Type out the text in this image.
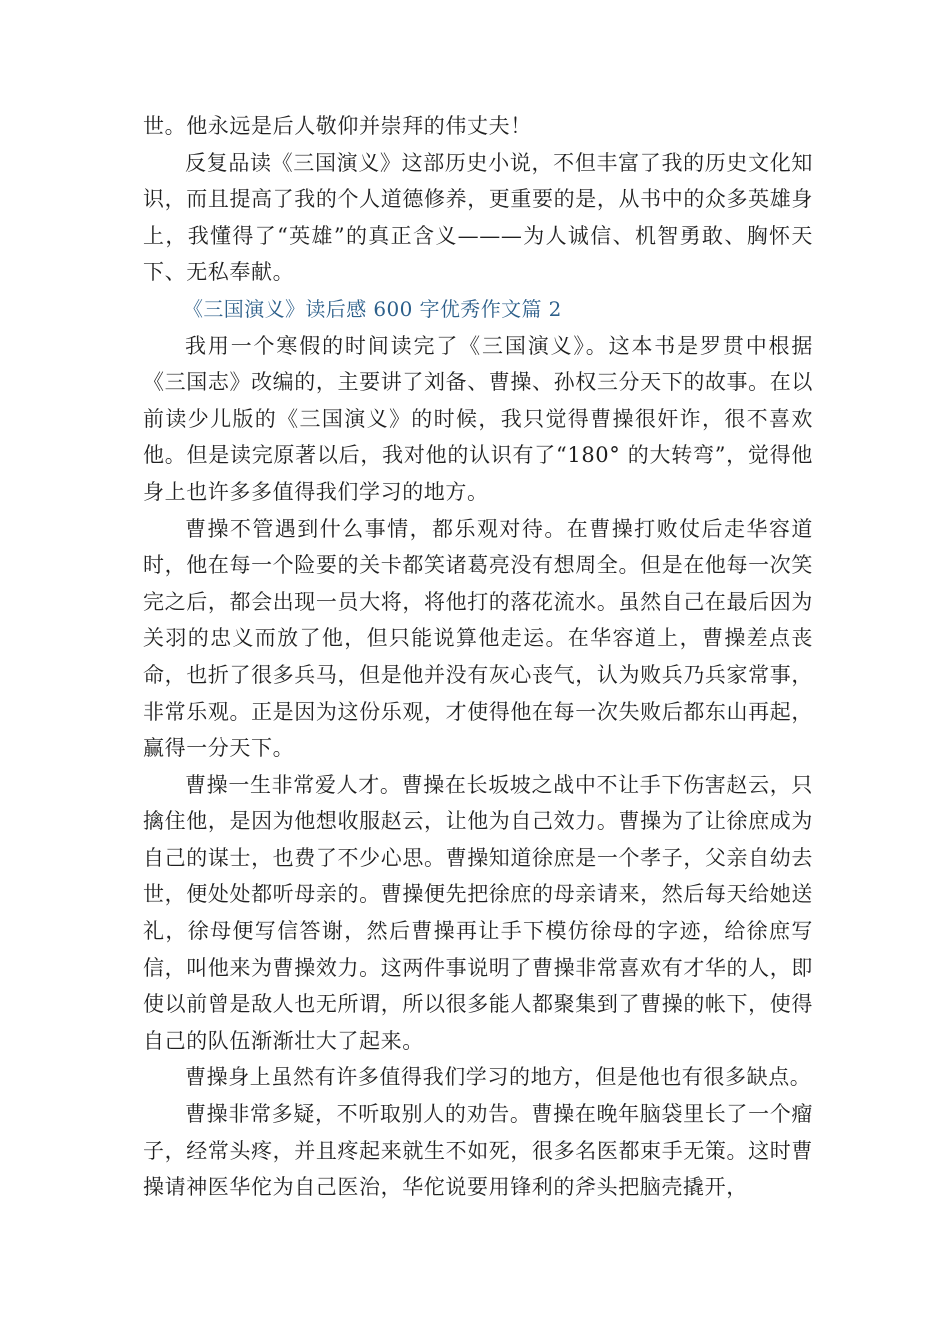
世。他永远是后人敬仰并崇拜的伟丈夫！

反复品读《三国演义》这部历史小说，不但丰富了我的历史文化知识，而且提高了我的个人道德修养，更重要的是，从书中的众多英雄身上，我懂得了“英雄”的真正含义———为人诚信、机智勇敢、胸怀天下、无私奉献。

《三国演义》读后感 600 字优秀作文篇 2

我用一个寒假的时间读完了《三国演义》。这本书是罗贯中根据《三国志》改编的，主要讲了刘备、曹操、孙权三分天下的故事。在以前读少儿版的《三国演义》的时候，我只觉得曹操很奸诈，很不喜欢他。但是读完原著以后，我对他的认识有了“180° 的大转弯”，觉得他身上也许多多值得我们学习的地方。

曹操不管遇到什么事情，都乐观对待。在曹操打败仗后走华容道时，他在每一个险要的关卡都笑诸葛亮没有想周全。但是在他每一次笑完之后，都会出现一员大将，将他打的落花流水。虽然自己在最后因为关羽的忠义而放了他，但只能说算他走运。在华容道上，曹操差点丧命，也折了很多兵马，但是他并没有灰心丧气，认为败兵乃兵家常事，非常乐观。正是因为这份乐观，才使得他在每一次失败后都东山再起，赢得一分天下。

曹操一生非常爱人才。曹操在长坂坡之战中不让手下伤害赵云，只擒住他，是因为他想收服赵云，让他为自己效力。曹操为了让徐庶成为自己的谋士，也费了不少心思。曹操知道徐庶是一个孝子，父亲自幼去世，便处处都听母亲的。曹操便先把徐庶的母亲请来，然后每天给她送礼，徐母便写信答谢，然后曹操再让手下模仿徐母的字迹，给徐庶写信，叫他来为曹操效力。这两件事说明了曹操非常喜欢有才华的人，即使以前曾是敌人也无所谓，所以很多能人都聚集到了曹操的帐下，使得自己的队伍渐渐壮大了起来。

曹操身上虽然有许多值得我们学习的地方，但是他也有很多缺点。

曹操非常多疑，不听取别人的劝告。曹操在晚年脑袋里长了一个瘤子，经常头疼，并且疼起来就生不如死，很多名医都束手无策。这时曹操请神医华佗为自己医治，华佗说要用锋利的斧头把脑壳撬开，
